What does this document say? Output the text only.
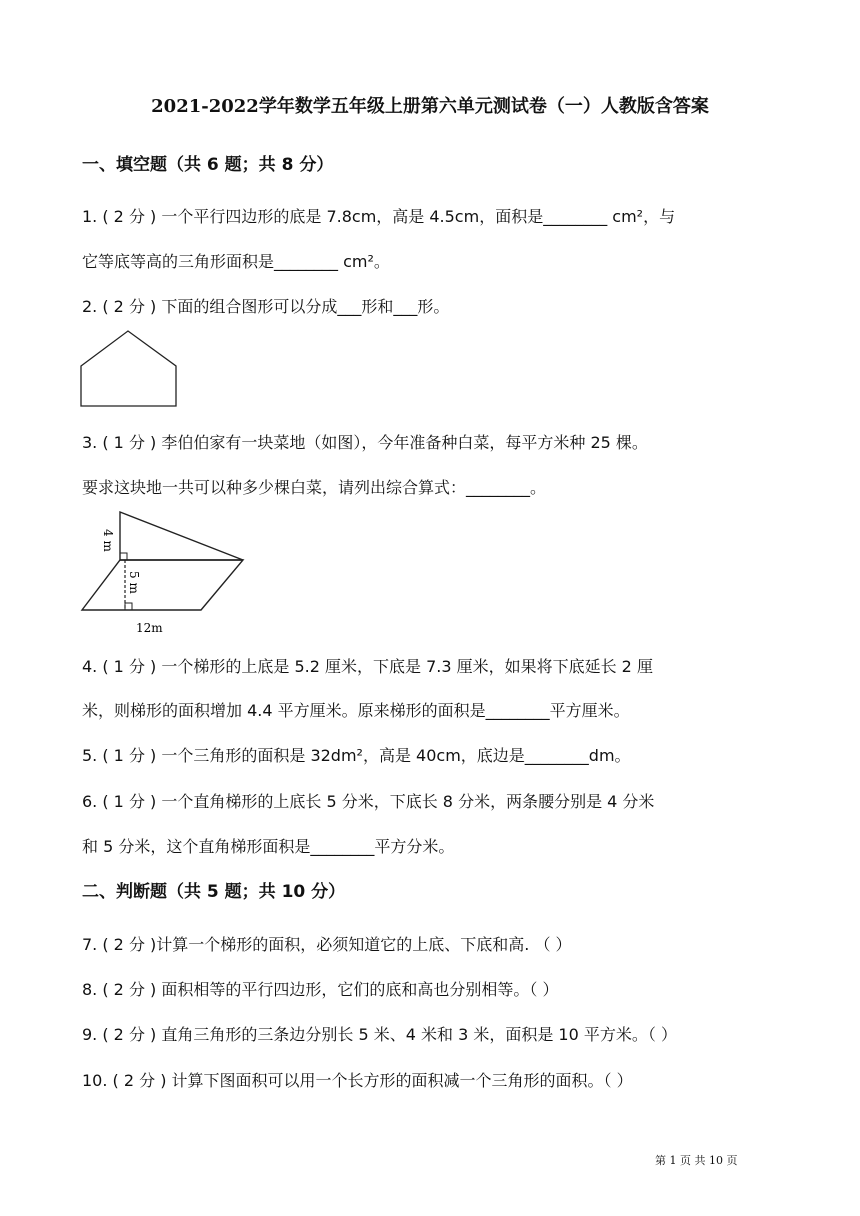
2021-2022学年数学五年级上册第六单元测试卷（一）人教版含答案
一、填空题（共 6 题；共 8 分）
1. ( 2 分 ) 一个平行四边形的底是 7.8cm，高是 4.5cm，面积是________ cm²，与
它等底等高的三角形面积是________ cm²。
2. ( 2 分 ) 下面的组合图形可以分成___形和___形。
3. ( 1 分 ) 李伯伯家有一块菜地（如图），今年准备种白菜，每平方米种 25 棵。
要求这块地一共可以种多少棵白菜，请列出综合算式：________。
4 m
5 m
12m
4. ( 1 分 ) 一个梯形的上底是 5.2 厘米，下底是 7.3 厘米，如果将下底延长 2 厘
米，则梯形的面积增加 4.4 平方厘米。原来梯形的面积是________平方厘米。
5. ( 1 分 ) 一个三角形的面积是 32dm²，高是 40cm，底边是________dm。
6. ( 1 分 ) 一个直角梯形的上底长 5 分米，下底长 8 分米，两条腰分别是 4 分米
和 5 分米，这个直角梯形面积是________平方分米。
二、判断题（共 5 题；共 10 分）
7. ( 2 分 )计算一个梯形的面积，必须知道它的上底、下底和高. （ ）
8. ( 2 分 ) 面积相等的平行四边形，它们的底和高也分别相等。（ ）
9. ( 2 分 ) 直角三角形的三条边分别长 5 米、4 米和 3 米，面积是 10 平方米。（ ）
10. ( 2 分 ) 计算下图面积可以用一个长方形的面积减一个三角形的面积。（ ）
第 1 页 共 10 页
